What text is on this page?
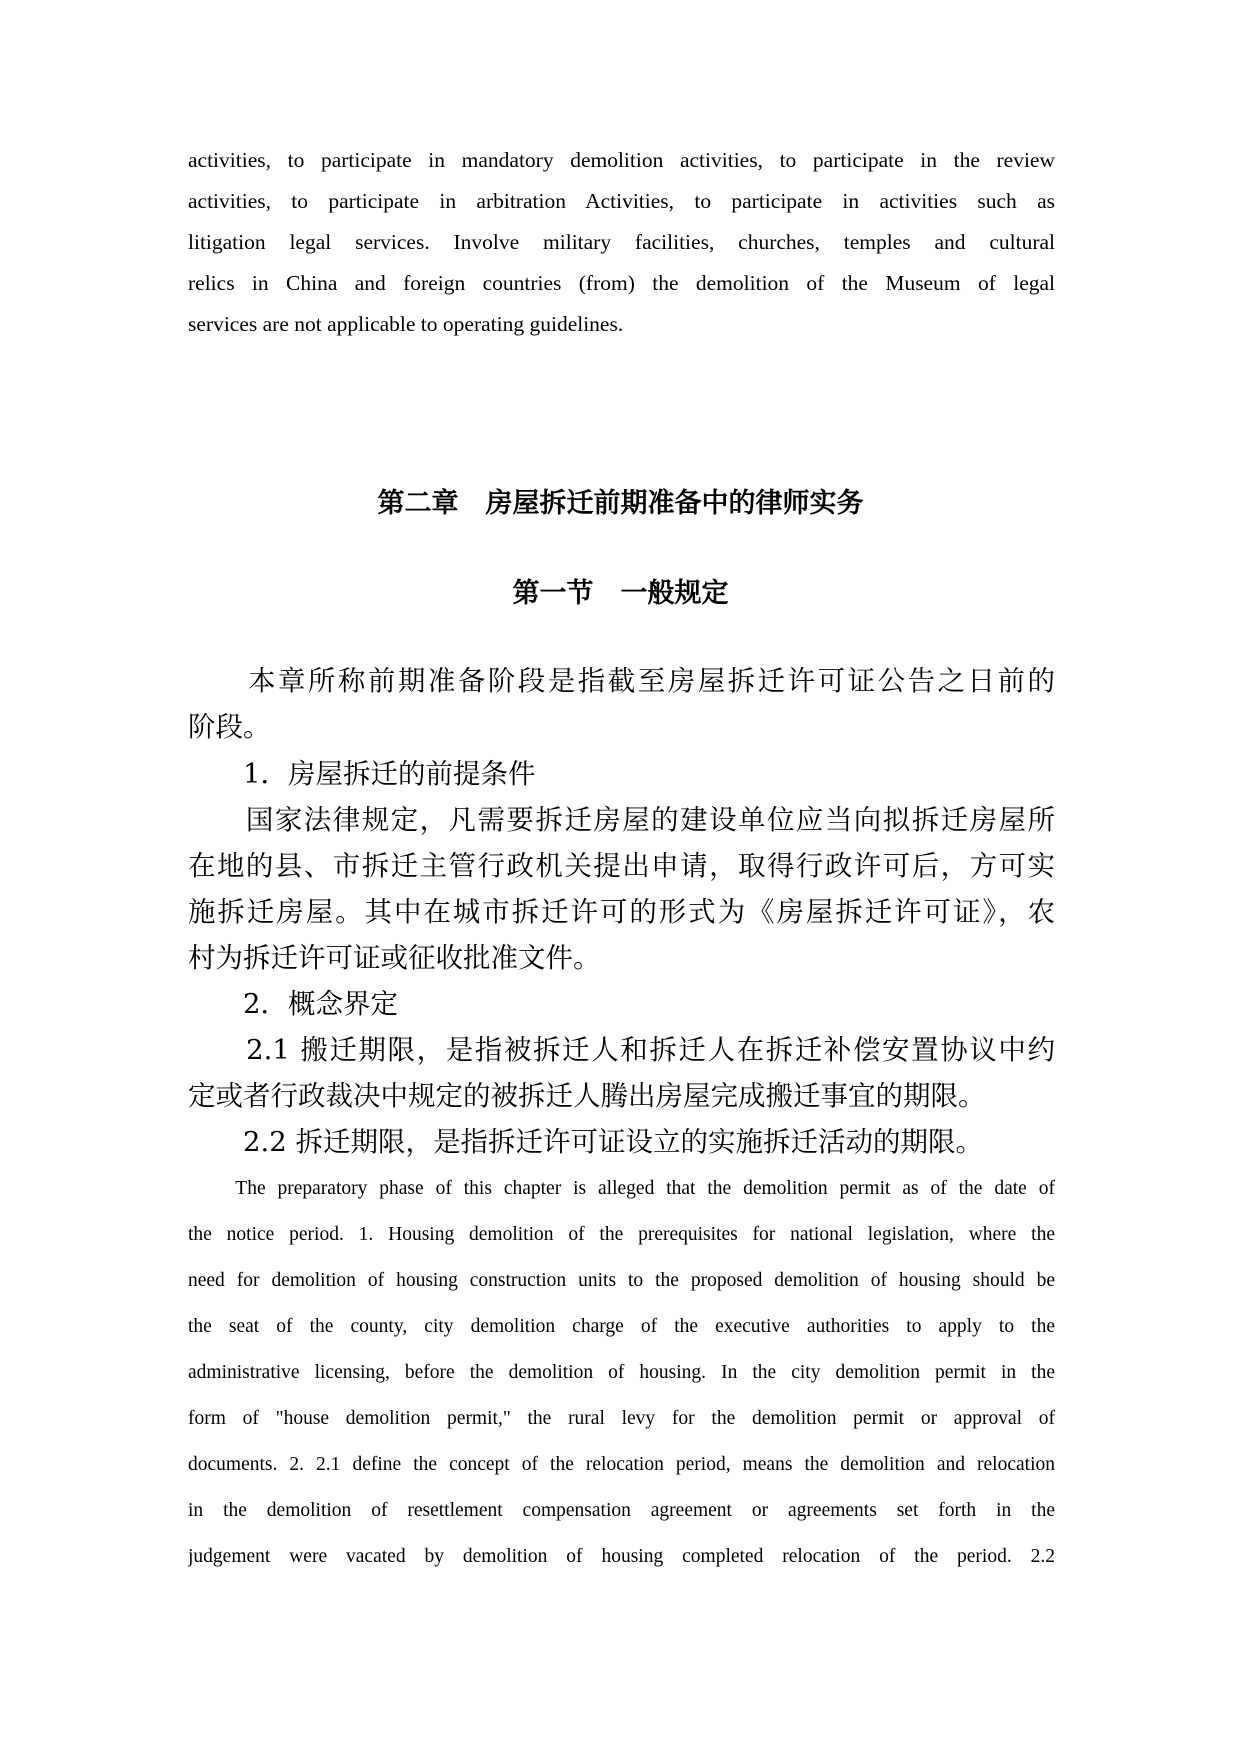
activities, to participate in mandatory demolition activities, to participate in the review
activities, to participate in arbitration Activities, to participate in activities such as
litigation legal services. Involve military facilities, churches, temples and cultural
relics in China and foreign countries (from) the demolition of the Museum of legal
services are not applicable to operating guidelines.
第二章　房屋拆迁前期准备中的律师实务
第一节　一般规定
　　本章所称前期准备阶段是指截至房屋拆迁许可证公告之日前的
阶段。
　　1．房屋拆迁的前提条件
　　国家法律规定，凡需要拆迁房屋的建设单位应当向拟拆迁房屋所
在地的县、市拆迁主管行政机关提出申请，取得行政许可后，方可实
施拆迁房屋。其中在城市拆迁许可的形式为《房屋拆迁许可证》，农
村为拆迁许可证或征收批准文件。
　　2．概念界定
　　2.1 搬迁期限，是指被拆迁人和拆迁人在拆迁补偿安置协议中约
定或者行政裁决中规定的被拆迁人腾出房屋完成搬迁事宜的期限。
　　2.2 拆迁期限，是指拆迁许可证设立的实施拆迁活动的期限。
The preparatory phase of this chapter is alleged that the demolition permit as of the date of
the notice period. 1. Housing demolition of the prerequisites for national legislation, where the
need for demolition of housing construction units to the proposed demolition of housing should be
the seat of the county, city demolition charge of the executive authorities to apply to the
administrative licensing, before the demolition of housing. In the city demolition permit in the
form of "house demolition permit," the rural levy for the demolition permit or approval of
documents. 2. 2.1 define the concept of the relocation period, means the demolition and relocation
in the demolition of resettlement compensation agreement or agreements set forth in the
judgement were vacated by demolition of housing completed relocation of the period. 2.2
